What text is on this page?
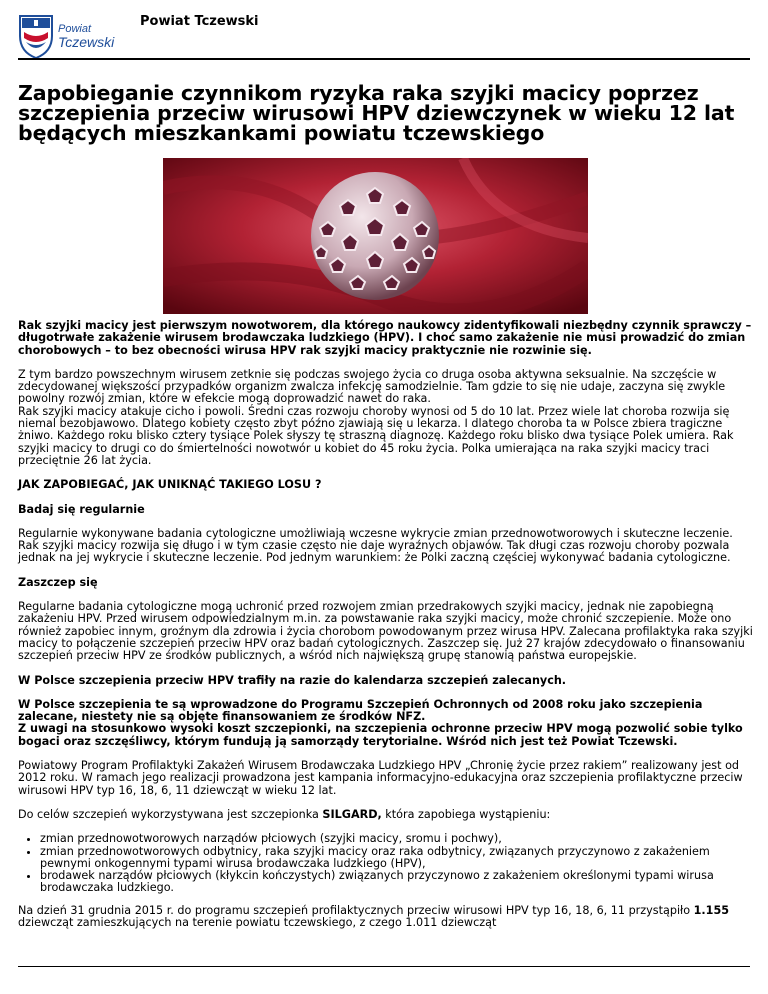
Powiat
Tczewski
Powiat Tczewski
Zapobieganie czynnikom ryzyka raka szyjki macicy poprzez szczepienia przeciw wirusowi HPV dziewczynek w wieku 12 lat będących mieszkankami powiatu tczewskiego

Rak szyjki macicy jest pierwszym nowotworem, dla którego naukowcy zidentyfikowali niezbędny czynnik sprawczy – długotrwałe zakażenie wirusem brodawczaka ludzkiego (HPV). I choć samo zakażenie nie musi prowadzić do zmian chorobowych – to bez obecności wirusa HPV rak szyjki macicy praktycznie nie rozwinie się.

Z tym bardzo powszechnym wirusem zetknie się podczas swojego życia co druga osoba aktywna seksualnie. Na szczęście w zdecydowanej większości przypadków organizm zwalcza infekcję samodzielnie. Tam gdzie to się nie udaje, zaczyna się zwykle powolny rozwój zmian, które w efekcie mogą doprowadzić nawet do raka.
Rak szyjki macicy atakuje cicho i powoli. Średni czas rozwoju choroby wynosi od 5 do 10 lat. Przez wiele lat choroba rozwija się niemal bezobjawowo. Dlatego kobiety często zbyt późno zjawiają się u lekarza. I dlatego choroba ta w Polsce zbiera tragiczne żniwo. Każdego roku blisko cztery tysiące Polek słyszy tę straszną diagnozę. Każdego roku blisko dwa tysiące Polek umiera. Rak szyjki macicy to drugi co do śmiertelności nowotwór u kobiet do 45 roku życia. Polka umierająca na raka szyjki macicy traci przeciętnie 26 lat życia.

JAK ZAPOBIEGAĆ, JAK UNIKNĄĆ TAKIEGO LOSU ?

Badaj się regularnie

Regularnie wykonywane badania cytologiczne umożliwiają wczesne wykrycie zmian przednowotworowych i skuteczne leczenie. Rak szyjki macicy rozwija się długo i w tym czasie często nie daje wyraźnych objawów. Tak długi czas rozwoju choroby pozwala jednak na jej wykrycie i skuteczne leczenie. Pod jednym warunkiem: że Polki zaczną częściej wykonywać badania cytologiczne.

Zaszczep się

Regularne badania cytologiczne mogą uchronić przed rozwojem zmian przedrakowych szyjki macicy, jednak nie zapobiegną zakażeniu HPV. Przed wirusem odpowiedzialnym m.in. za powstawanie raka szyjki macicy, może chronić szczepienie. Może ono również zapobiec innym, groźnym dla zdrowia i życia chorobom powodowanym przez wirusa HPV. Zalecana profilaktyka raka szyjki macicy to połączenie szczepień przeciw HPV oraz badań cytologicznych. Zaszczep się. Już 27 krajów zdecydowało o finansowaniu szczepień przeciw HPV ze środków publicznych, a wśród nich największą grupę stanowią państwa europejskie.

W Polsce szczepienia przeciw HPV trafiły na razie do kalendarza szczepień zalecanych.

W Polsce szczepienia te są wprowadzone do Programu Szczepień Ochronnych od 2008 roku jako szczepienia zalecane, niestety nie są objęte finansowaniem ze środków NFZ.
Z uwagi na stosunkowo wysoki koszt szczepionki, na szczepienia ochronne przeciw HPV mogą pozwolić sobie tylko bogaci oraz szczęśliwcy, którym fundują ją samorządy terytorialne. Wśród nich jest też Powiat Tczewski.

Powiatowy Program Profilaktyki Zakażeń Wirusem Brodawczaka Ludzkiego HPV „Chronię życie przez rakiem” realizowany jest od 2012 roku. W ramach jego realizacji prowadzona jest kampania informacyjno-edukacyjna oraz szczepienia profilaktyczne przeciw wirusowi HPV typ 16, 18, 6, 11 dziewcząt w wieku 12 lat.

Do celów szczepień wykorzystywana jest szczepionka SILGARD, która zapobiega wystąpieniu:

• zmian przednowotworowych narządów płciowych (szyjki macicy, sromu i pochwy),
• zmian przednowotworowych odbytnicy, raka szyjki macicy oraz raka odbytnicy, związanych przyczynowo z zakażeniem pewnymi onkogennymi typami wirusa brodawczaka ludzkiego (HPV),
• brodawek narządów płciowych (kłykcin kończystych) związanych przyczynowo z zakażeniem określonymi typami wirusa brodawczaka ludzkiego.

Na dzień 31 grudnia 2015 r. do programu szczepień profilaktycznych przeciw wirusowi HPV typ 16, 18, 6, 11 przystąpiło 1.155 dziewcząt zamieszkujących na terenie powiatu tczewskiego, z czego 1.011 dziewcząt
